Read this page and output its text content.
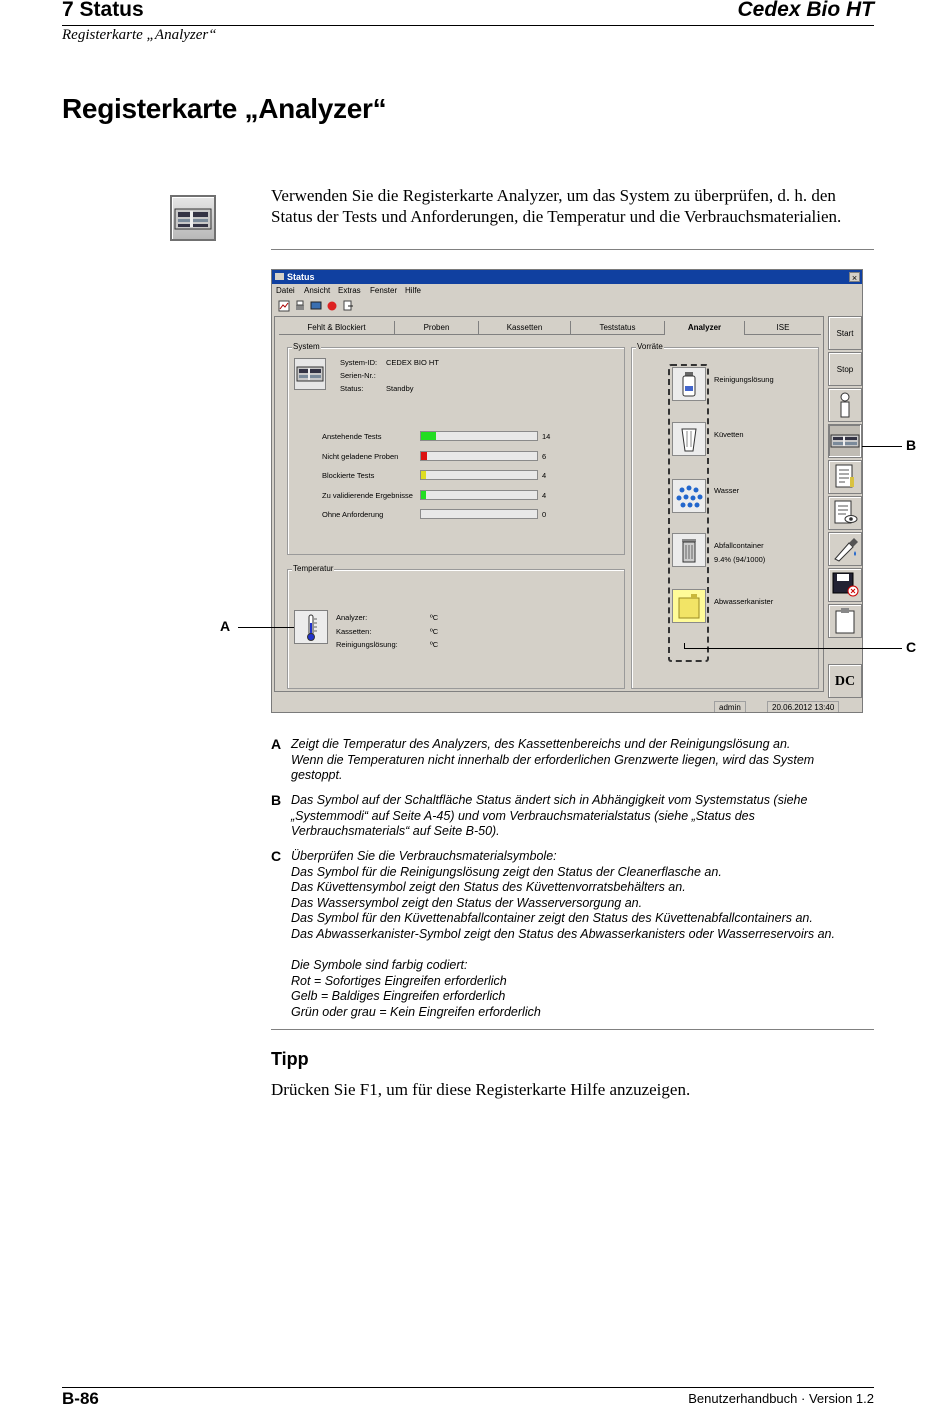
7 Status	Cedex Bio HT
Registerkarte „Analyzer“
Registerkarte „Analyzer“

Verwenden Sie die Registerkarte Analyzer, um das System zu überprüfen, d. h. den Status der Tests und Anforderungen, die Temperatur und die Verbrauchsmaterialien.

Status	×
Datei Ansicht Extras Fenster Hilfe
Fehlt & Blockiert	Proben	Kassetten	Teststatus	Analyzer	ISE
System
System-ID: CEDEX BIO HT
Serien-Nr.:
Status:	Standby
Anstehende Tests	14
Nicht geladene Proben	6
Blockierte Tests	4
Zu validierende Ergebnisse	4
Ohne Anforderung	0
Temperatur
Analyzer:	ºC
Kassetten:	ºC
Reinigungslösung:	ºC
Vorräte
Reinigungslösung
Küvetten
Wasser
Abfallcontainer
9.4% (94/1000)
Abwasserkanister
Start
Stop
DC
admin	20.06.2012 13:40
A
B
C
A Zeigt die Temperatur des Analyzers, des Kassettenbereichs und der Reinigungslösung an.
Wenn die Temperaturen nicht innerhalb der erforderlichen Grenzwerte liegen, wird das System gestoppt.
B Das Symbol auf der Schaltfläche Status ändert sich in Abhängigkeit vom Systemstatus (siehe „Systemmodi“ auf Seite A-45) und vom Verbrauchsmaterialstatus (siehe „Status des Verbrauchsmaterials“ auf Seite B-50).
C Überprüfen Sie die Verbrauchsmaterialsymbole:
Das Symbol für die Reinigungslösung zeigt den Status der Cleanerflasche an.
Das Küvettensymbol zeigt den Status des Küvettenvorratsbehälters an.
Das Wassersymbol zeigt den Status der Wasserversorgung an.
Das Symbol für den Küvettenabfallcontainer zeigt den Status des Küvettenabfallcontainers an.
Das Abwasserkanister-Symbol zeigt den Status des Abwasserkanisters oder Wasserreservoirs an.

Die Symbole sind farbig codiert:
Rot = Sofortiges Eingreifen erforderlich
Gelb = Baldiges Eingreifen erforderlich
Grün oder grau = Kein Eingreifen erforderlich
Tipp
Drücken Sie F1, um für diese Registerkarte Hilfe anzuzeigen.
B-86	Benutzerhandbuch · Version 1.2
